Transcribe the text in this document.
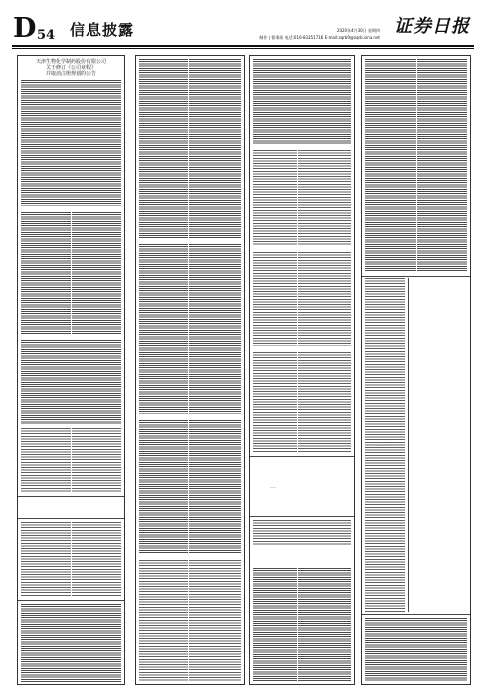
D 54 信息披露	2020年4月30日 星期四
制作 | 曹秉琛 电话:010-83251716 E-mail:zqrb9@zqrb.sina.net
证券日报
天津生物化学制药股份有限公司
关于修订《公司章程》
并取消注册规划的公告
——
——
——
